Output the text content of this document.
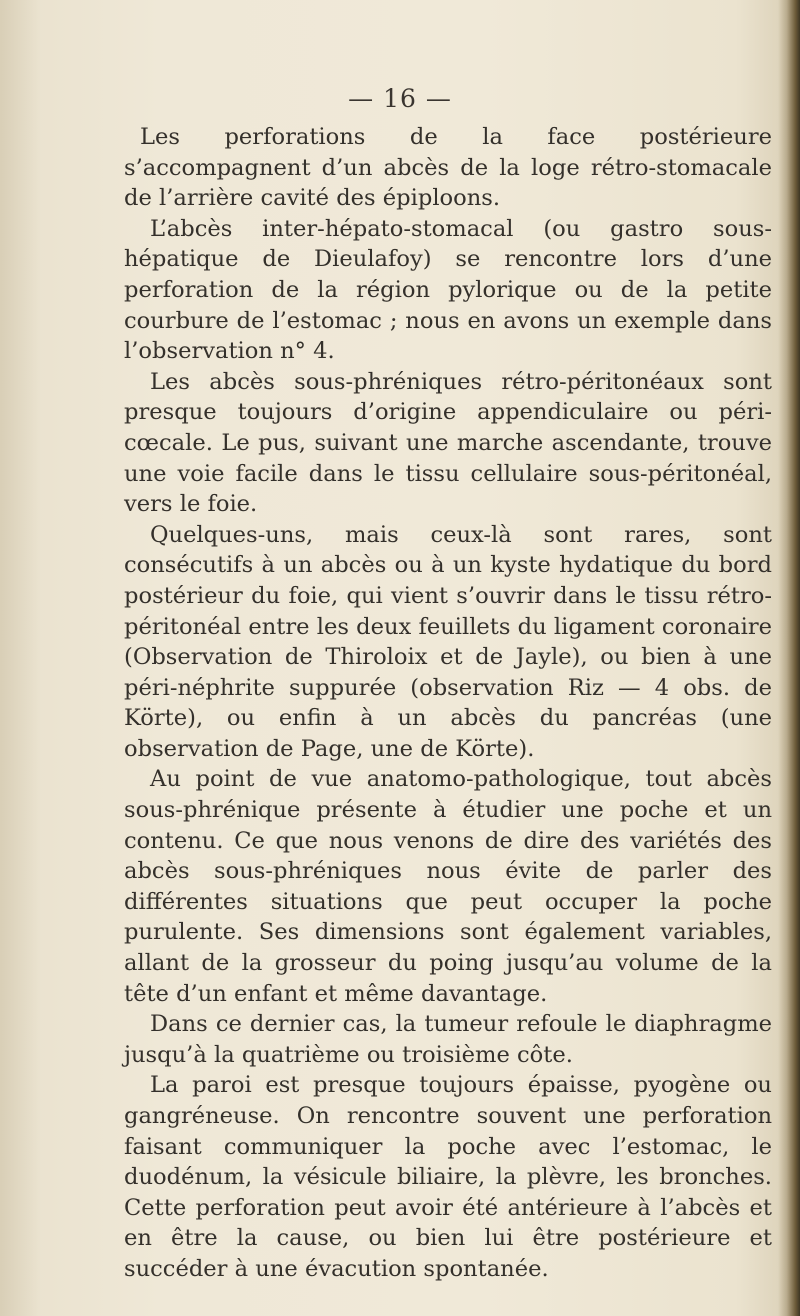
— 16 —

Les perforations de la face postérieure s’accompagnent d’un abcès de la loge rétro-stomacale de l’arrière cavité des épiploons.

L’abcès inter-hépato-stomacal (ou gastro sous-hépatique de Dieulafoy) se rencontre lors d’une perforation de la région pylorique ou de la petite courbure de l’estomac ; nous en avons un exemple dans l’observation n° 4.

Les abcès sous-phréniques rétro-péritonéaux sont presque toujours d’origine appendiculaire ou péri-cœcale. Le pus, suivant une marche ascendante, trouve une voie facile dans le tissu cellulaire sous-péritonéal, vers le foie.

Quelques-uns, mais ceux-là sont rares, sont consécutifs à un abcès ou à un kyste hydatique du bord postérieur du foie, qui vient s’ouvrir dans le tissu rétro-péritonéal entre les deux feuillets du ligament coronaire (Observation de Thiroloix et de Jayle), ou bien à une péri-néphrite suppurée (observation Riz — 4 obs. de Körte), ou enfin à un abcès du pancréas (une observation de Page, une de Körte).

Au point de vue anatomo-pathologique, tout abcès sous-phrénique présente à étudier une poche et un contenu. Ce que nous venons de dire des variétés des abcès sous-phréniques nous évite de parler des différentes situations que peut occuper la poche purulente. Ses dimensions sont également variables, allant de la grosseur du poing jusqu’au volume de la tête d’un enfant et même davantage.

Dans ce dernier cas, la tumeur refoule le diaphragme jusqu’à la quatrième ou troisième côte.

La paroi est presque toujours épaisse, pyogène ou gangréneuse. On rencontre souvent une perforation faisant communiquer la poche avec l’estomac, le duodénum, la vésicule biliaire, la plèvre, les bronches. Cette perforation peut avoir été antérieure à l’abcès et en être la cause, ou bien lui être postérieure et succéder à une évacution spontanée.
